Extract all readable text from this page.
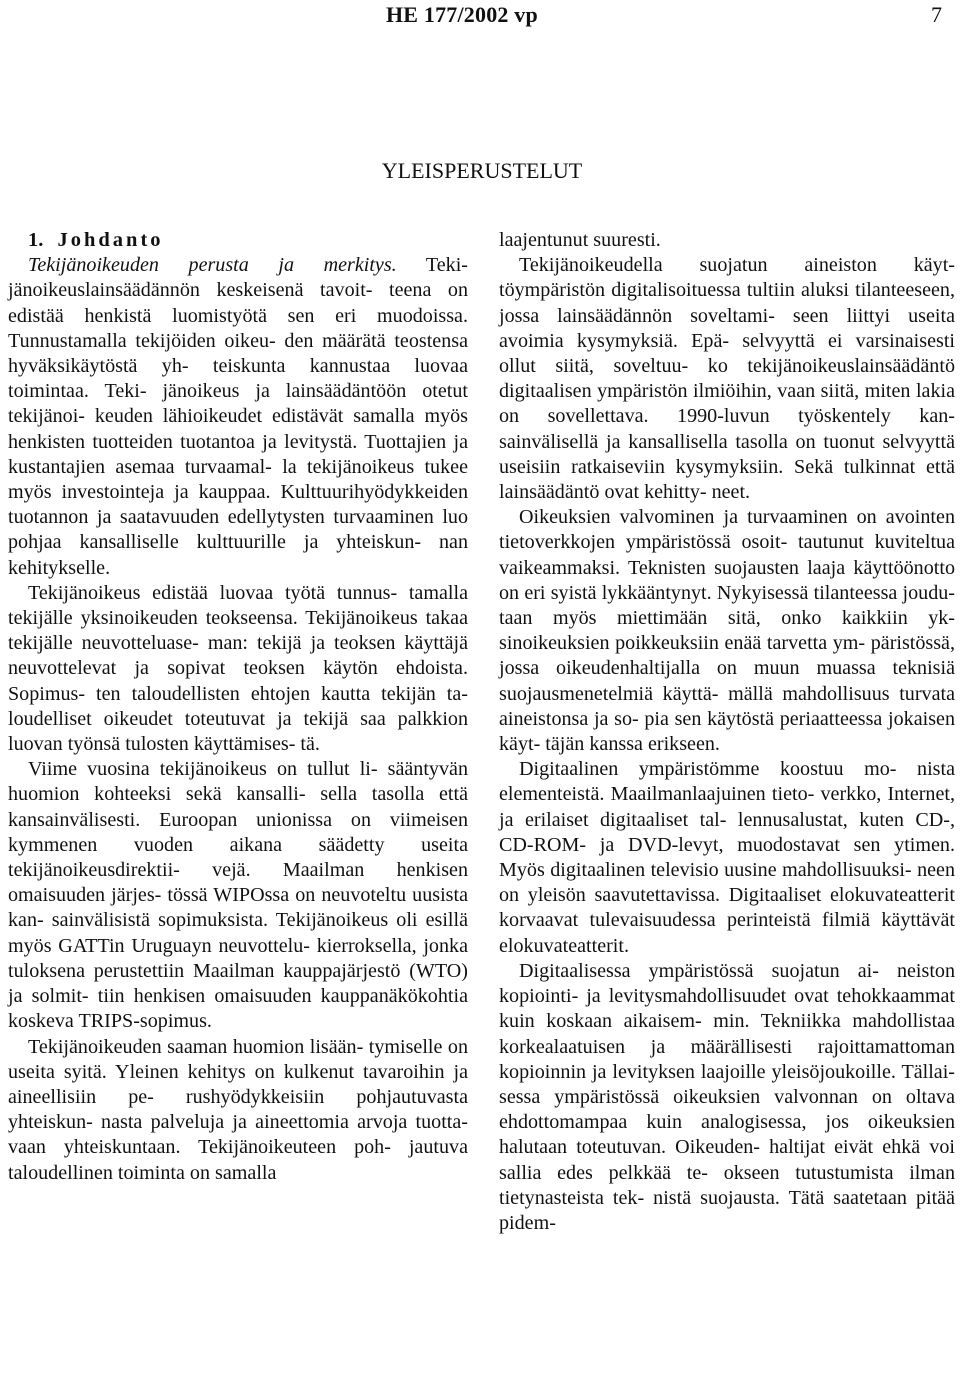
HE 177/2002 vp	7
YLEISPERUSTELUT

1. Johdanto

Tekijänoikeuden perusta ja merkitys. Teki- jänoikeuslainsäädännön keskeisenä tavoit- teena on edistää henkistä luomistyötä sen eri muodoissa. Tunnustamalla tekijöiden oikeu- den määrätä teostensa hyväksikäytöstä yh- teiskunta kannustaa luovaa toimintaa. Teki- jänoikeus ja lainsäädäntöön otetut tekijänoi- keuden lähioikeudet edistävät samalla myös henkisten tuotteiden tuotantoa ja levitystä. Tuottajien ja kustantajien asemaa turvaamal- la tekijänoikeus tukee myös investointeja ja kauppaa. Kulttuurihyödykkeiden tuotannon ja saatavuuden edellytysten turvaaminen luo pohjaa kansalliselle kulttuurille ja yhteiskun- nan kehitykselle.

Tekijänoikeus edistää luovaa työtä tunnus- tamalla tekijälle yksinoikeuden teokseensa. Tekijänoikeus takaa tekijälle neuvotteluase- man: tekijä ja teoksen käyttäjä neuvottelevat ja sopivat teoksen käytön ehdoista. Sopimus- ten taloudellisten ehtojen kautta tekijän ta- loudelliset oikeudet toteutuvat ja tekijä saa palkkion luovan työnsä tulosten käyttämises- tä.

Viime vuosina tekijänoikeus on tullut li- sääntyvän huomion kohteeksi sekä kansalli- sella tasolla että kansainvälisesti. Euroopan unionissa on viimeisen kymmenen vuoden aikana säädetty useita tekijänoikeusdirektii- vejä. Maailman henkisen omaisuuden järjes- tössä WIPOssa on neuvoteltu uusista kan- sainvälisistä sopimuksista. Tekijänoikeus oli esillä myös GATTin Uruguayn neuvottelu- kierroksella, jonka tuloksena perustettiin Maailman kauppajärjestö (WTO) ja solmit- tiin henkisen omaisuuden kauppanäkökohtia koskeva TRIPS-sopimus.

Tekijänoikeuden saaman huomion lisään- tymiselle on useita syitä. Yleinen kehitys on kulkenut tavaroihin ja aineellisiin pe- rushyödykkeisiin pohjautuvasta yhteiskun- nasta palveluja ja aineettomia arvoja tuotta- vaan yhteiskuntaan. Tekijänoikeuteen poh- jautuva taloudellinen toiminta on samalla

laajentunut suuresti.

Tekijänoikeudella suojatun aineiston käyt- töympäristön digitalisoituessa tultiin aluksi tilanteeseen, jossa lainsäädännön soveltami- seen liittyi useita avoimia kysymyksiä. Epä- selvyyttä ei varsinaisesti ollut siitä, soveltuu- ko tekijänoikeuslainsäädäntö digitaalisen ympäristön ilmiöihin, vaan siitä, miten lakia on sovellettava. 1990-luvun työskentely kan- sainvälisellä ja kansallisella tasolla on tuonut selvyyttä useisiin ratkaiseviin kysymyksiin. Sekä tulkinnat että lainsäädäntö ovat kehitty- neet.

Oikeuksien valvominen ja turvaaminen on avointen tietoverkkojen ympäristössä osoit- tautunut kuviteltua vaikeammaksi. Teknisten suojausten laaja käyttöönotto on eri syistä lykkääntynyt. Nykyisessä tilanteessa joudu- taan myös miettimään sitä, onko kaikkiin yk- sinoikeuksien poikkeuksiin enää tarvetta ym- päristössä, jossa oikeudenhaltijalla on muun muassa teknisiä suojausmenetelmiä käyttä- mällä mahdollisuus turvata aineistonsa ja so- pia sen käytöstä periaatteessa jokaisen käyt- täjän kanssa erikseen.

Digitaalinen ympäristömme koostuu mo- nista elementeistä. Maailmanlaajuinen tieto- verkko, Internet, ja erilaiset digitaaliset tal- lennusalustat, kuten CD-, CD-ROM- ja DVD-levyt, muodostavat sen ytimen. Myös digitaalinen televisio uusine mahdollisuuksi- neen on yleisön saavutettavissa. Digitaaliset elokuvateatterit korvaavat tulevaisuudessa perinteistä filmiä käyttävät elokuvateatterit.

Digitaalisessa ympäristössä suojatun ai- neiston kopiointi- ja levitysmahdollisuudet ovat tehokkaammat kuin koskaan aikaisem- min. Tekniikka mahdollistaa korkealaatuisen ja määrällisesti rajoittamattoman kopioinnin ja levityksen laajoille yleisöjoukoille. Tällai- sessa ympäristössä oikeuksien valvonnan on oltava ehdottomampaa kuin analogisessa, jos oikeuksien halutaan toteutuvan. Oikeuden- haltijat eivät ehkä voi sallia edes pelkkää te- okseen tutustumista ilman tietynasteista tek- nistä suojausta. Tätä saatetaan pitää pidem-
